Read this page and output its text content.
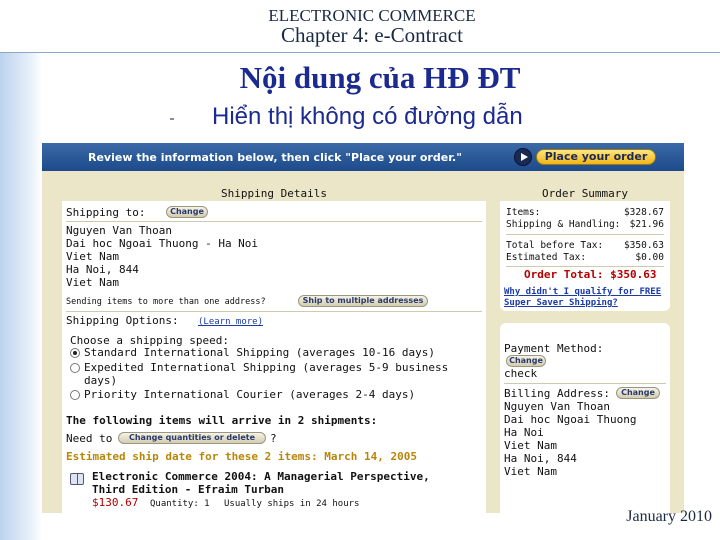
ELECTRONIC COMMERCE
Chapter 4: e-Contract
Nội dung của HĐ ĐT
Hiển thị không có đường dẫn
Review the information below, then click "Place your order."	Place your order
Shipping Details
Shipping to:	Change
Nguyen Van Thoan
Dai hoc Ngoai Thuong - Ha Noi
Viet Nam
Ha Noi, 844
Viet Nam
Sending items to more than one address?	Ship to multiple addresses
Shipping Options: (Learn more)
Choose a shipping speed:
Standard International Shipping (averages 10-16 days)
Expedited International Shipping (averages 5-9 business
days)
Priority International Courier (averages 2-4 days)
The following items will arrive in 2 shipments:
Need to	Change quantities or delete	?
Estimated ship date for these 2 items: March 14, 2005
Electronic Commerce 2004: A Managerial Perspective,
Third Edition - Efraim Turban
$130.67 Quantity: 1 Usually ships in 24 hours
Order Summary
Items:	$328.67
Shipping & Handling: $21.96
Total before Tax: $350.63
Estimated Tax:	$0.00
Order Total: $350.63
Why didn't I qualify for FREE
Super Saver Shipping?
Payment Method:
Change
check
Billing Address:	Change
Nguyen Van Thoan
Dai hoc Ngoai Thuong
Ha Noi
Viet Nam
Ha Noi, 844
Viet Nam
January 2010
